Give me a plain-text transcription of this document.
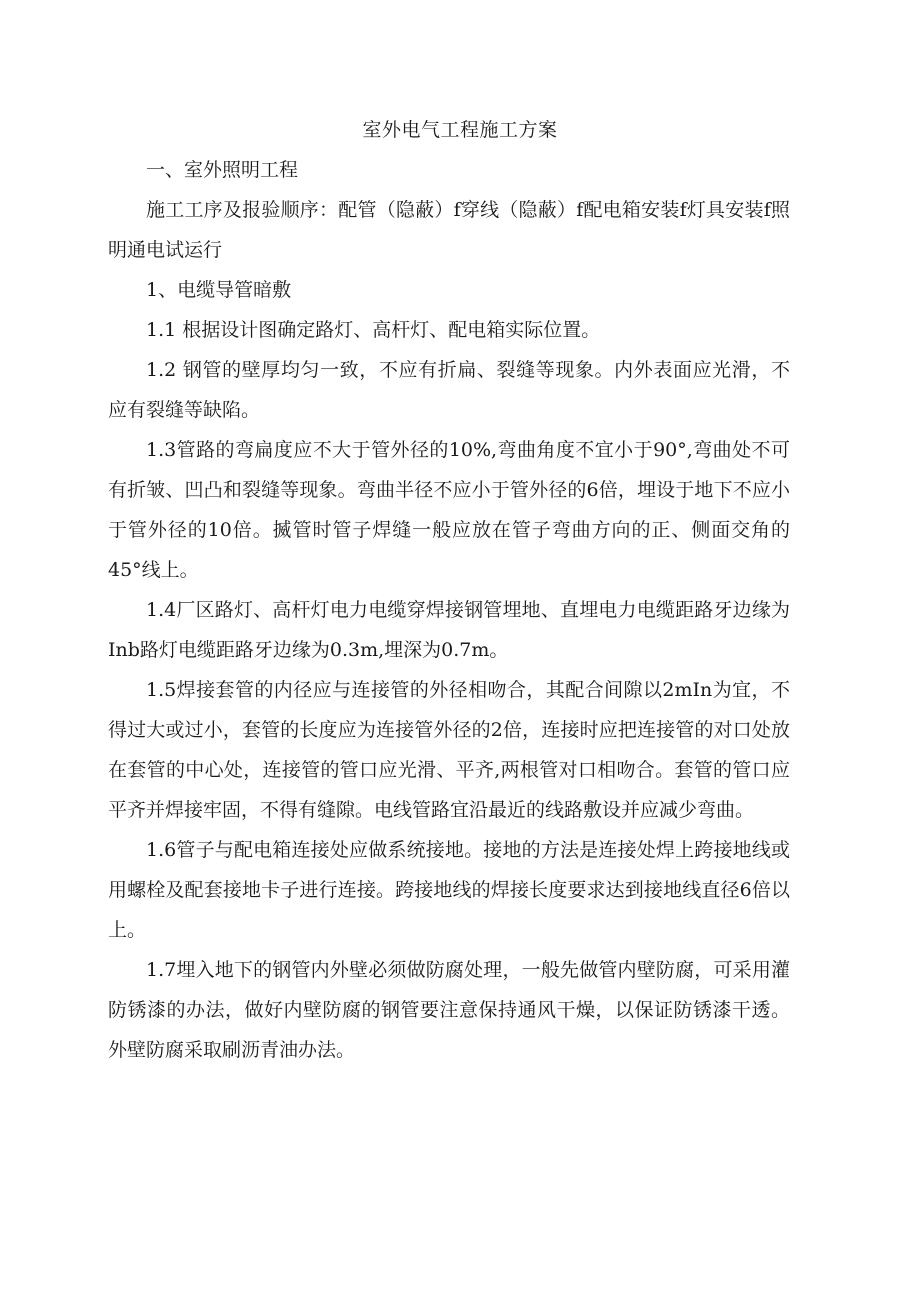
室外电气工程施工方案

一、室外照明工程

施工工序及报验顺序：配管（隐蔽）f穿线（隐蔽）f配电箱安装f灯具安装f照明通电试运行

1、电缆导管暗敷

1.1 根据设计图确定路灯、高杆灯、配电箱实际位置。

1.2 钢管的壁厚均匀一致，不应有折扁、裂缝等现象。内外表面应光滑，不应有裂缝等缺陷。

1.3管路的弯扁度应不大于管外径的10%,弯曲角度不宜小于90°,弯曲处不可有折皱、凹凸和裂缝等现象。弯曲半径不应小于管外径的6倍，埋设于地下不应小于管外径的10倍。揻管时管子焊缝一般应放在管子弯曲方向的正、侧面交角的45°线上。

1.4厂区路灯、高杆灯电力电缆穿焊接钢管埋地、直埋电力电缆距路牙边缘为Inb路灯电缆距路牙边缘为0.3m,埋深为0.7m。

1.5焊接套管的内径应与连接管的外径相吻合，其配合间隙以2mIn为宜，不得过大或过小，套管的长度应为连接管外径的2倍，连接时应把连接管的对口处放在套管的中心处，连接管的管口应光滑、平齐,两根管对口相吻合。套管的管口应平齐并焊接牢固，不得有缝隙。电线管路宜沿最近的线路敷设并应减少弯曲。

1.6管子与配电箱连接处应做系统接地。接地的方法是连接处焊上跨接地线或用螺栓及配套接地卡子进行连接。跨接地线的焊接长度要求达到接地线直径6倍以上。

1.7埋入地下的钢管内外壁必须做防腐处理，一般先做管内壁防腐，可采用灌防锈漆的办法，做好内壁防腐的钢管要注意保持通风干燥，以保证防锈漆干透。外壁防腐采取刷沥青油办法。
